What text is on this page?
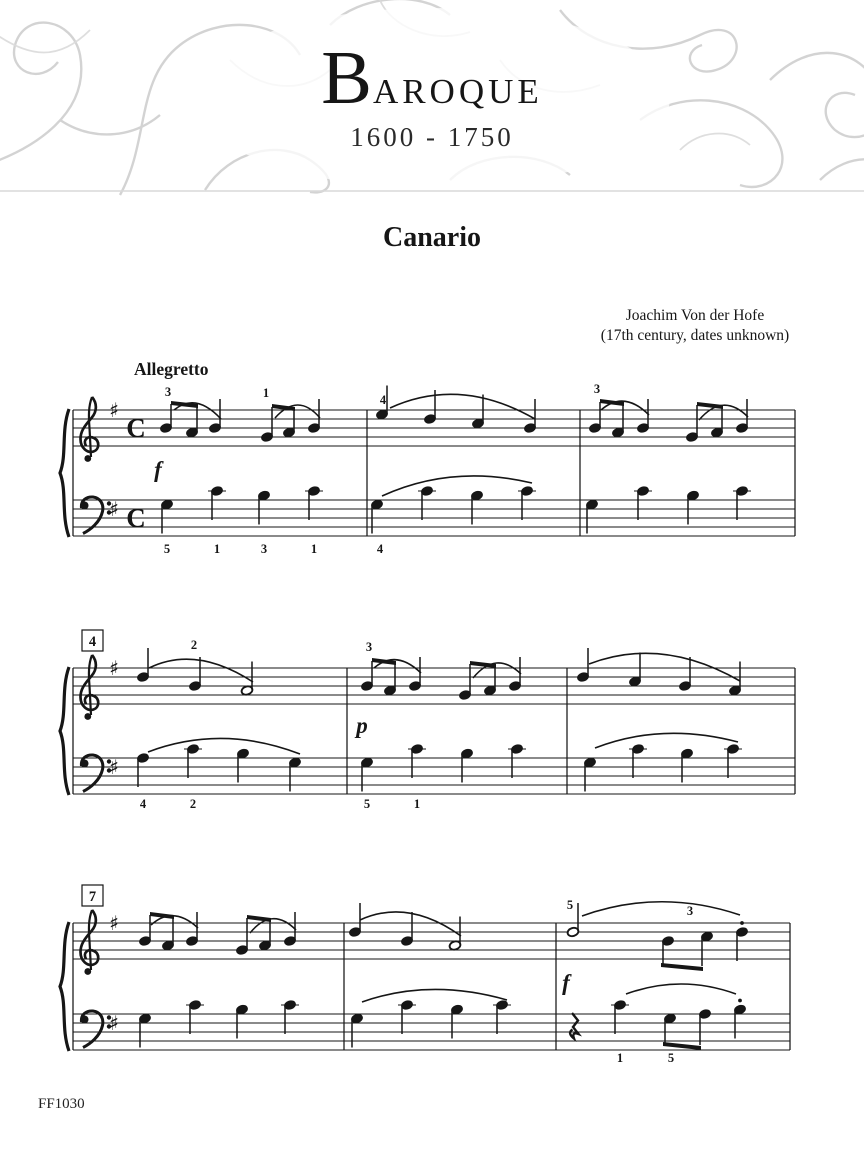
B AROQUE
1600 - 1750
Canario
Joachim Von der Hofe
(17th century, dates unknown)
Allegretto
♯
♯
C
C
3	1	4
3
f
5	1	3	1	4
♯
♯
4	2	3
p
4	2	5	1
♯
♯
7	5	3
f
1	5
FF1030
